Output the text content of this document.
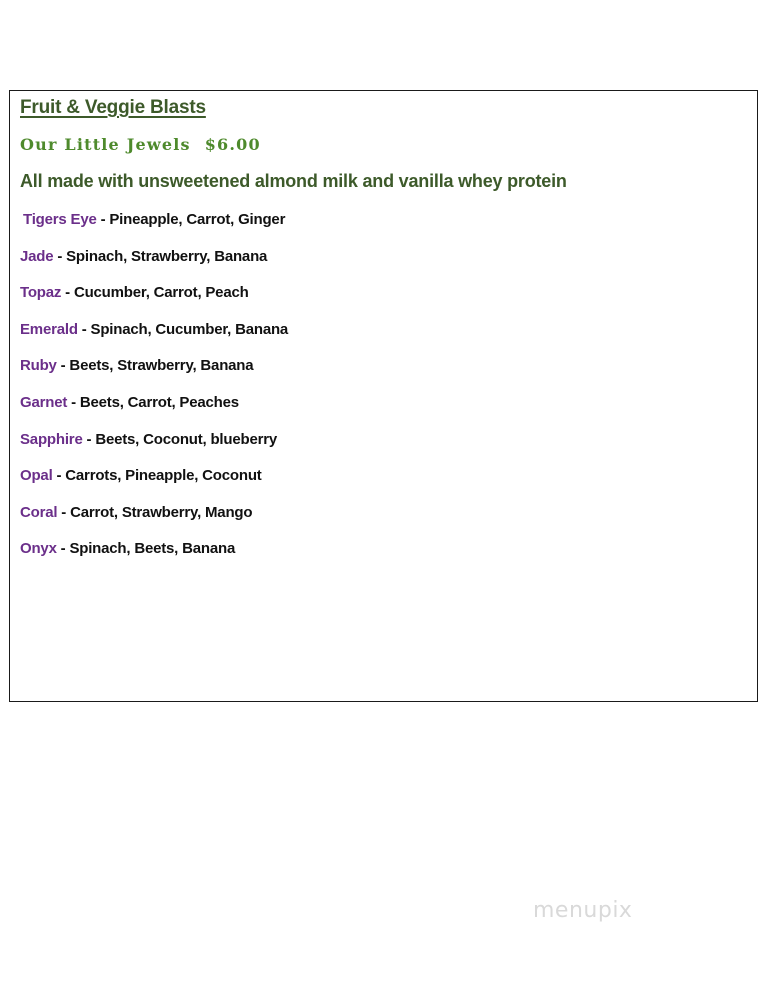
Fruit & Veggie Blasts
Our Little Jewels $6.00
All made with unsweetened almond milk and vanilla whey protein
Tigers Eye - Pineapple, Carrot, Ginger
Jade - Spinach, Strawberry, Banana
Topaz - Cucumber, Carrot, Peach
Emerald - Spinach, Cucumber, Banana
Ruby - Beets, Strawberry, Banana
Garnet - Beets, Carrot, Peaches
Sapphire - Beets, Coconut, blueberry
Opal - Carrots, Pineapple, Coconut
Coral - Carrot, Strawberry, Mango
Onyx - Spinach, Beets, Banana
menupix
